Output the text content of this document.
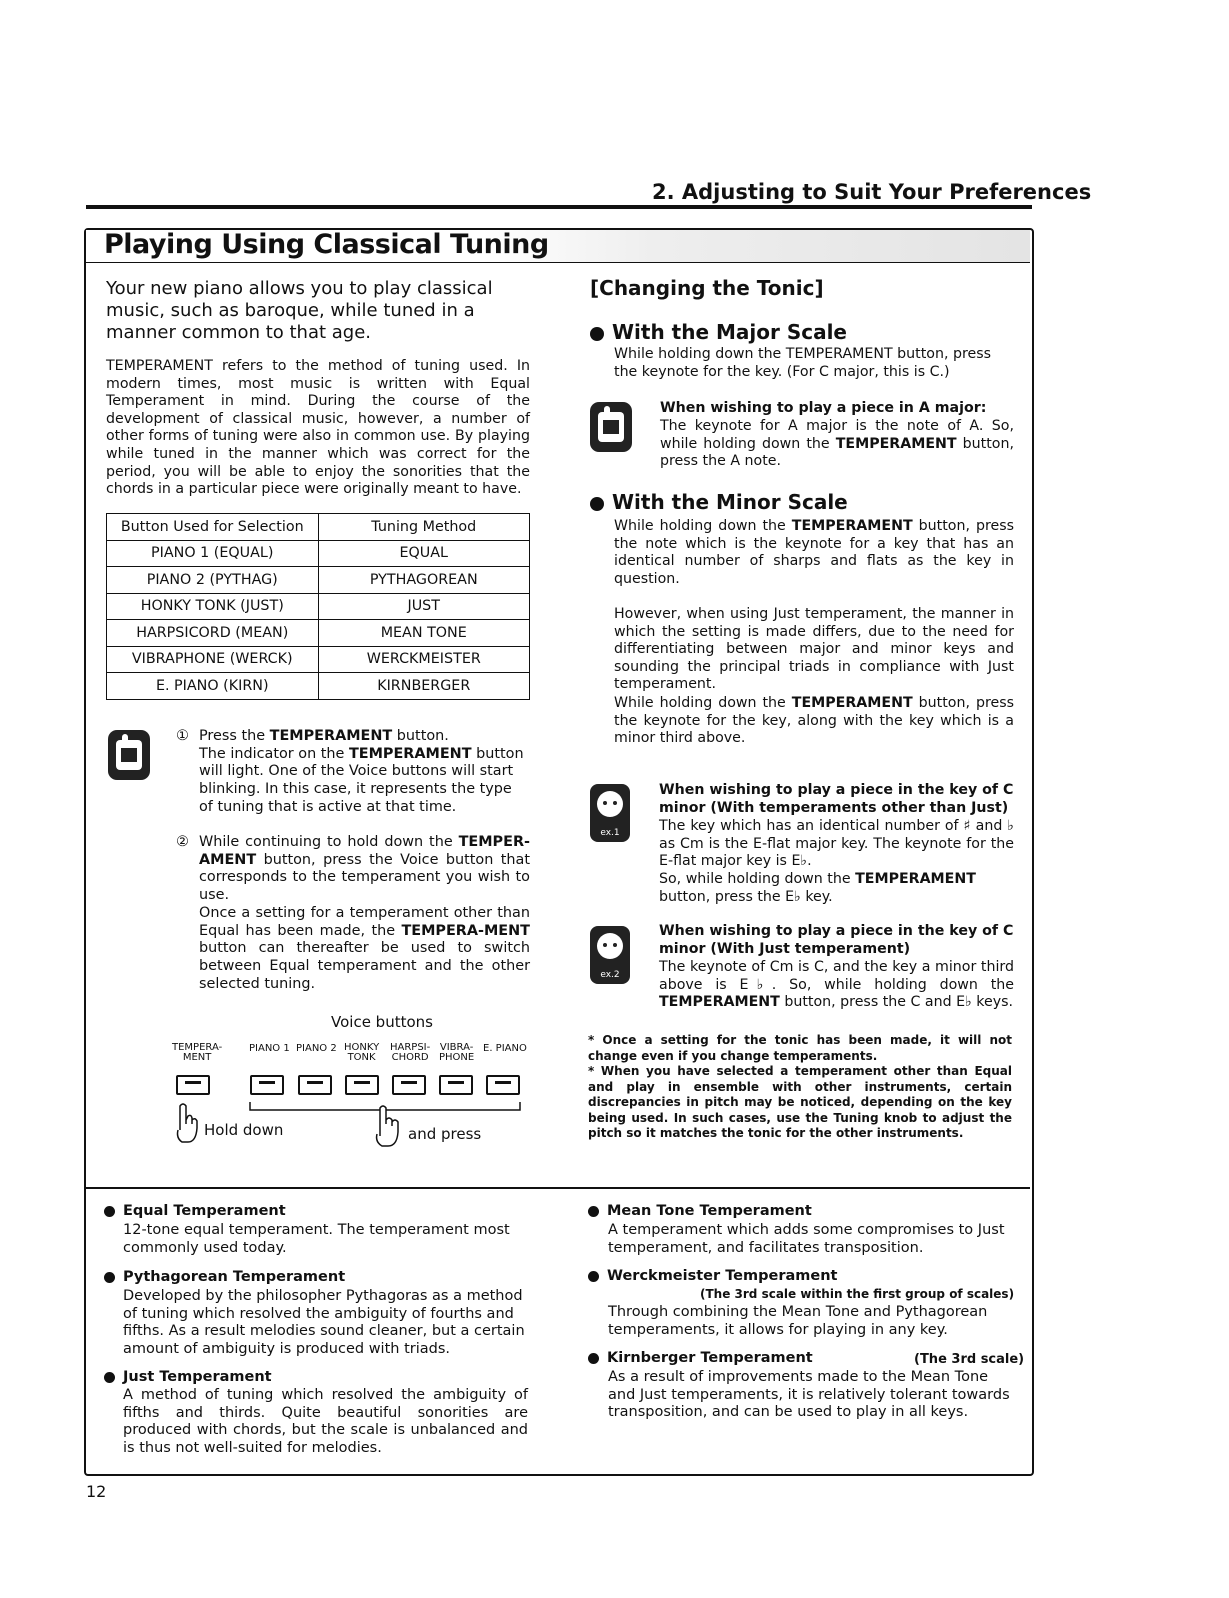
2. Adjusting to Suit Your Preferences
Playing Using Classical Tuning
Your new piano allows you to play classical music, such as baroque, while tuned in a manner common to that age.
TEMPERAMENT refers to the method of tuning used. In modern times, most music is written with Equal Temperament in mind. During the course of the development of classical music, however, a number of other forms of tuning were also in common use. By playing while tuned in the manner which was correct for the period, you will be able to enjoy the sonorities that the chords in a particular piece were originally meant to have.
Button Used for Selection	Tuning Method
PIANO 1 (EQUAL)	EQUAL
PIANO 2 (PYTHAG)	PYTHAGOREAN
HONKY TONK (JUST)	JUST
HARPSICORD (MEAN)	MEAN TONE
VIBRAPHONE (WERCK)	WERCKMEISTER
E. PIANO (KIRN)	KIRNBERGER
① Press the TEMPERAMENT button.
The indicator on the TEMPERAMENT button will light. One of the Voice buttons will start blinking. In this case, it represents the type of tuning that is active at that time.
② While continuing to hold down the TEMPER-AMENT button, press the Voice button that corresponds to the temperament you wish to use.
Once a setting for a temperament other than Equal has been made, the TEMPERA-MENT button can thereafter be used to switch between Equal temperament and the other selected tuning.
Voice buttons
TEMPERA-
MENT
PIANO 1 PIANO 2 HONKY
TONK
HARPSI-
CHORD
VIBRA-
PHONE
E. PIANO
Hold down	and press
[Changing the Tonic]
With the Major Scale
While holding down the TEMPERAMENT button, press the keynote for the key. (For C major, this is C.)
When wishing to play a piece in A major:
The keynote for A major is the note of A. So, while holding down the TEMPERAMENT button, press the A note.
With the Minor Scale
While holding down the TEMPERAMENT button, press the note which is the keynote for a key that has an identical number of sharps and flats as the key in question.
However, when using Just temperament, the manner in which the setting is made differs, due to the need for differentiating between major and minor keys and sounding the principal triads in compliance with Just temperament.
While holding down the TEMPERAMENT button, press the keynote for the key, along with the key which is a minor third above.
ex.1
When wishing to play a piece in the key of C minor (With temperaments other than Just)
The key which has an identical number of ♯ and ♭ as Cm is the E-flat major key. The keynote for the E-flat major key is E♭.
So, while holding down the TEMPERAMENT button, press the E♭ key.
ex.2
When wishing to play a piece in the key of C minor (With Just temperament)
The keynote of Cm is C, and the key a minor third above is E♭. So, while holding down the TEMPERAMENT button, press the C and E♭ keys.
* Once a setting for the tonic has been made, it will not change even if you change temperaments.
* When you have selected a temperament other than Equal and play in ensemble with other instruments, certain discrepancies in pitch may be noticed, depending on the key being used. In such cases, use the Tuning knob to adjust the pitch so it matches the tonic for the other instruments.
Equal Temperament
12-tone equal temperament. The temperament most commonly used today.
Pythagorean Temperament
Developed by the philosopher Pythagoras as a method of tuning which resolved the ambiguity of fourths and fifths. As a result melodies sound cleaner, but a certain amount of ambiguity is produced with triads.
Just Temperament
A method of tuning which resolved the ambiguity of fifths and thirds. Quite beautiful sonorities are produced with chords, but the scale is unbalanced and is thus not well-suited for melodies.
Mean Tone Temperament
A temperament which adds some compromises to Just temperament, and facilitates transposition.
Werckmeister Temperament
(The 3rd scale within the first group of scales)
Through combining the Mean Tone and Pythagorean temperaments, it allows for playing in any key.
Kirnberger Temperament	(The 3rd scale)
As a result of improvements made to the Mean Tone and Just temperaments, it is relatively tolerant towards transposition, and can be used to play in all keys.
12
